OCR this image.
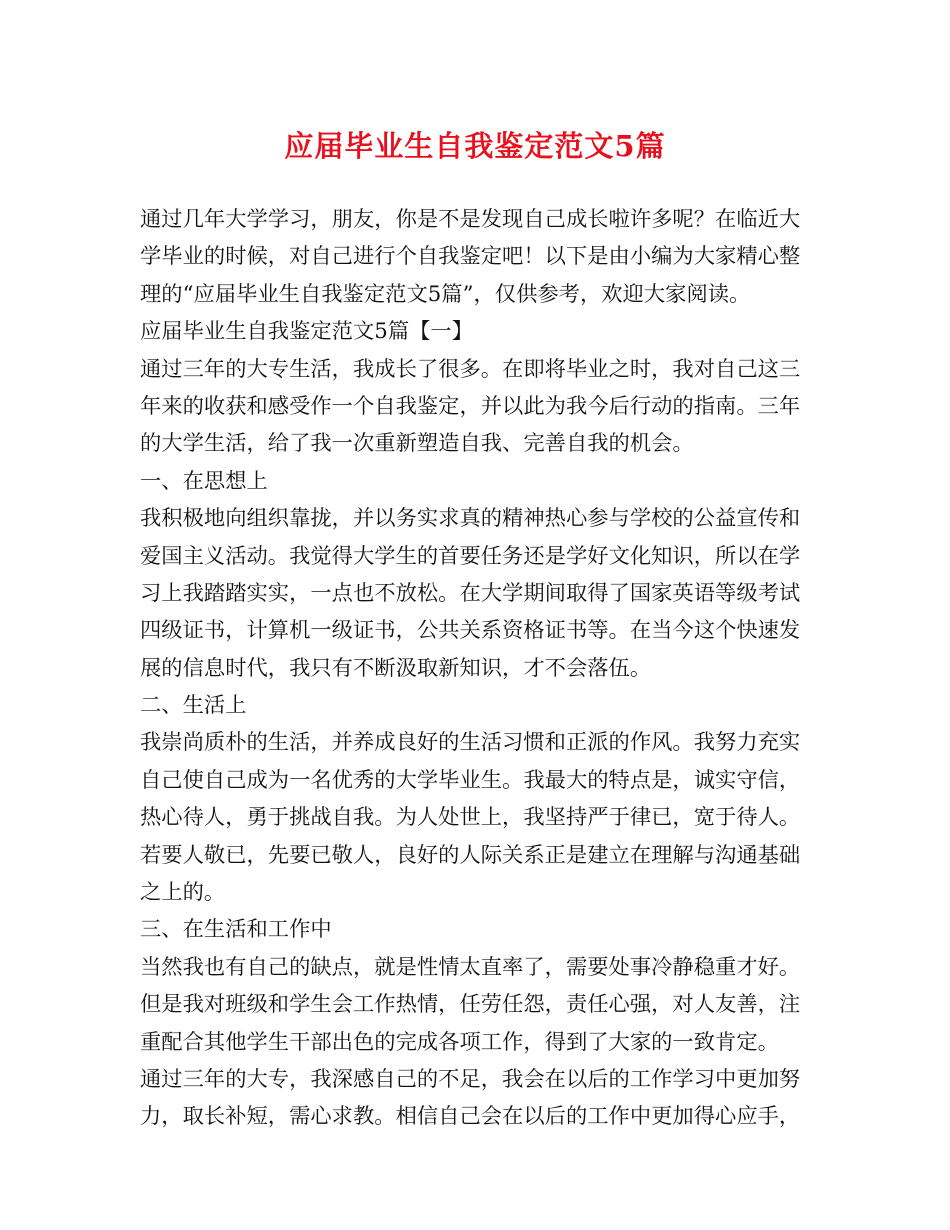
应届毕业生自我鉴定范文5篇
通过几年大学学习，朋友，你是不是发现自己成长啦许多呢？在临近大
学毕业的时候，对自己进行个自我鉴定吧！以下是由小编为大家精心整
理的“应届毕业生自我鉴定范文5篇”，仅供参考，欢迎大家阅读。
应届毕业生自我鉴定范文5篇【一】
通过三年的大专生活，我成长了很多。在即将毕业之时，我对自己这三
年来的收获和感受作一个自我鉴定，并以此为我今后行动的指南。三年
的大学生活，给了我一次重新塑造自我、完善自我的机会。
一、在思想上
我积极地向组织靠拢，并以务实求真的精神热心参与学校的公益宣传和
爱国主义活动。我觉得大学生的首要任务还是学好文化知识，所以在学
习上我踏踏实实，一点也不放松。在大学期间取得了国家英语等级考试
四级证书，计算机一级证书，公共关系资格证书等。在当今这个快速发
展的信息时代，我只有不断汲取新知识，才不会落伍。
二、生活上
我崇尚质朴的生活，并养成良好的生活习惯和正派的作风。我努力充实
自己使自己成为一名优秀的大学毕业生。我最大的特点是，诚实守信，
热心待人，勇于挑战自我。为人处世上，我坚持严于律已，宽于待人。
若要人敬已，先要已敬人，良好的人际关系正是建立在理解与沟通基础
之上的。
三、在生活和工作中
当然我也有自己的缺点，就是性情太直率了，需要处事冷静稳重才好。
但是我对班级和学生会工作热情，任劳任怨，责任心强，对人友善，注
重配合其他学生干部出色的完成各项工作，得到了大家的一致肯定。
通过三年的大专，我深感自己的不足，我会在以后的工作学习中更加努
力，取长补短，需心求教。相信自己会在以后的工作中更加得心应手，
